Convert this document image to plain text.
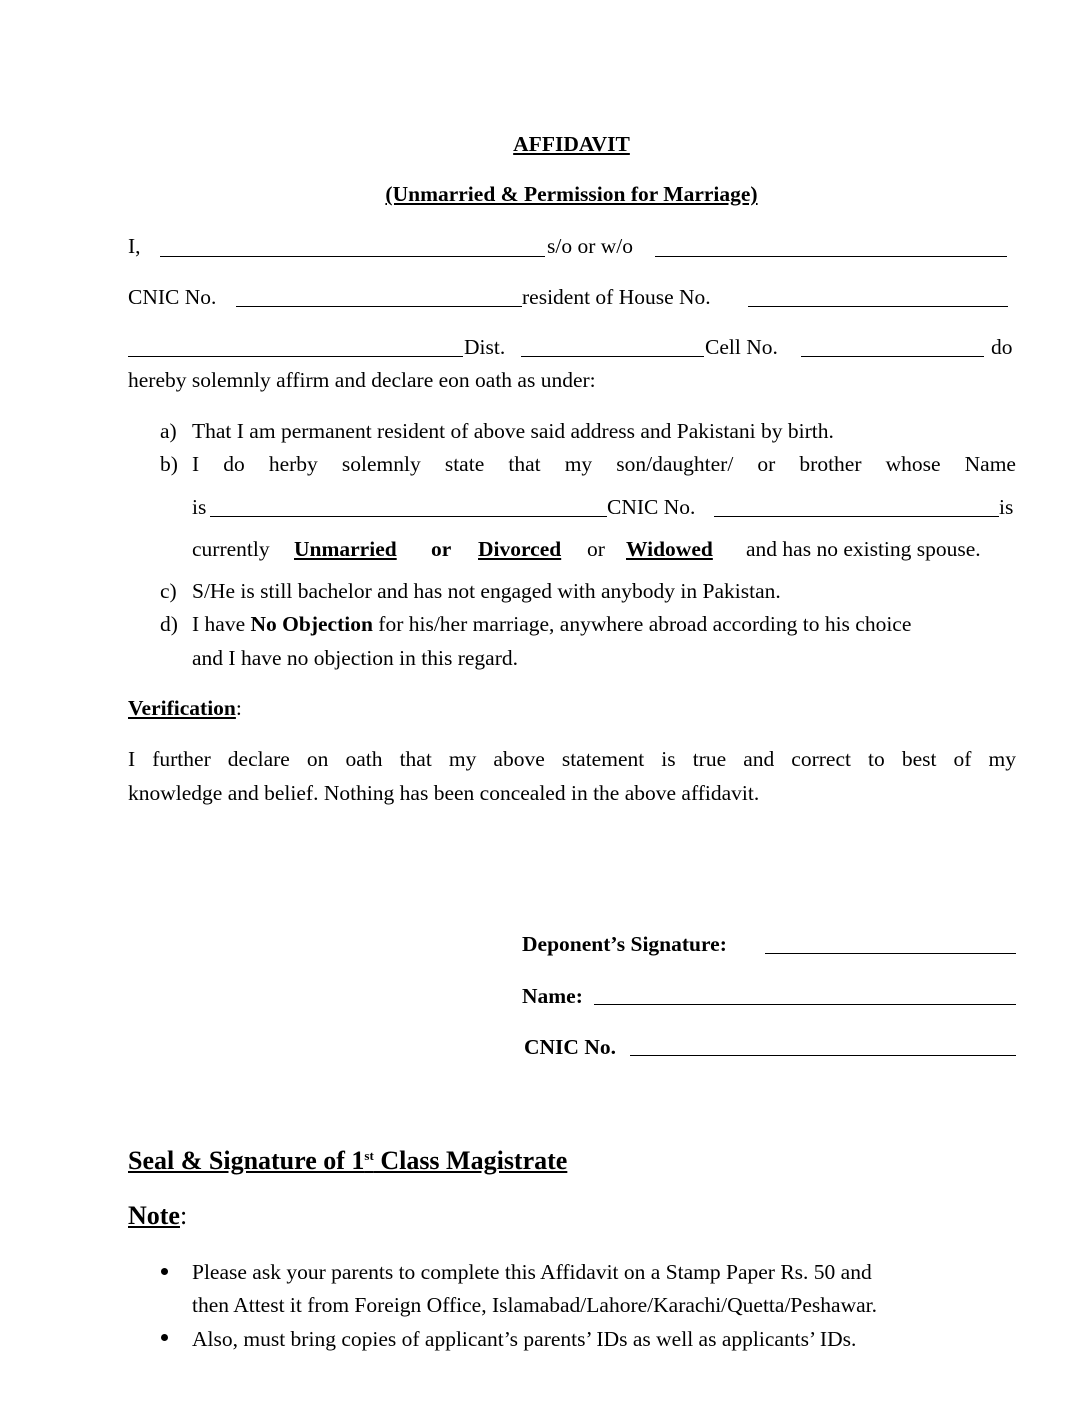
AFFIDAVIT
(Unmarried & Permission for Marriage)
I,	s/o or w/o
CNIC No.	resident of House No.
Dist.	Cell No.	do
hereby solemnly affirm and declare eon oath as under:
a) That I am permanent resident of above said address and Pakistani by birth.
b) I do herby solemnly state that my son/daughter/ or brother whose Name
is	CNIC No.	is
currently Unmarried or Divorced or Widowed and has no existing spouse.
c) S/He is still bachelor and has not engaged with anybody in Pakistan.
d) I have No Objection for his/her marriage, anywhere abroad according to his choice
and I have no objection in this regard.
Verification:
I further declare on oath that my above statement is true and correct to best of my
knowledge and belief. Nothing has been concealed in the above affidavit.
Deponent’s Signature:
Name:
CNIC No.
Seal & Signature of 1st Class Magistrate
Note:
Please ask your parents to complete this Affidavit on a Stamp Paper Rs. 50 and
then Attest it from Foreign Office, Islamabad/Lahore/Karachi/Quetta/Peshawar.
Also, must bring copies of applicant’s parents’ IDs as well as applicants’ IDs.
